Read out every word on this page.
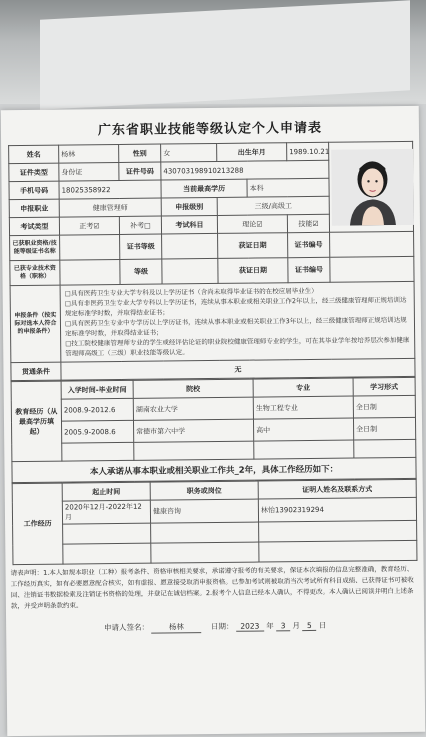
广东省职业技能等级认定个人申请表
姓名	杨林	性别	女	出生年月		1989.10.21	

证件类型	身份证	证件号码	430703198910213288				
手机号码	18025358922		当前最高学历		本科		
申报职业	健康管理师		申报级别	三级/高级工			
考试类型	正考☑	补考□	考试科目	理论☑		技能☑	
已获职业资格/技能等级证书名称		证书等级		获证日期		证书编号	
已获专业技术资格（职称）		等级		获证日期		证书编号	
申报条件（按实际对选本人符合的申报条件）	□具有医药卫生专业大学专科及以上学历证书（含尚未取得毕业证书的在校应届毕业生）
□具有非医药卫生专业大学专科以上学历证书，连续从事本职业或相关职业工作2年以上，经三级健康管理师正规培训达规定标准学时数，并取得结业证书；
□具有医药卫生专业中专学历以上学历证书，连续从事本职业或相关职业工作3年以上，经三级健康管理师正规培训达规定标准学时数，并取得结业证书；
□技工院校健康管理师专业的学生或经评估论证的职业院校健康管理师专业的学生，可在其毕业学年按培养层次参加健康管理师高级工（三级）职业技能等级认定。						

贯通条件	无						
教育经历（从最高学历填起）	入学时间-毕业时间	院校	专业	学习形式
	2008.9-2012.6	湖南农业大学	生物工程专业	全日制
	2005.9-2008.6	常德市第六中学	高中	全日制

本人承诺从事本职业或相关职业工作共_2年，具体工作经历如下：				
工作经历	起止时间	职务或岗位	证明人姓名及联系方式
	2020年12月-2022年12月	健康咨询	林怡13902319294

请表声明：1.本人如规本职业（工种）报考条件、资格审核相关要求，承诺遵守报考的有关要求，保证本次填报的信息完整准确，教育经历、工作经历真实，如有必要愿意配合核实，如有虚报、愿意接受取消申报资格。已参加考试则被取消当次考试所有科目成绩、已获得证书可被收回、注销证书数据检索及注销证书资格的处理，并登记在诚信档案。2.报考个人信息已经本人确认，不得更改。本人确认已阅读并明白上述条款，并受声明条款约束。
申请人签名：	杨林	日期： 2023 年 3 月 5 日
